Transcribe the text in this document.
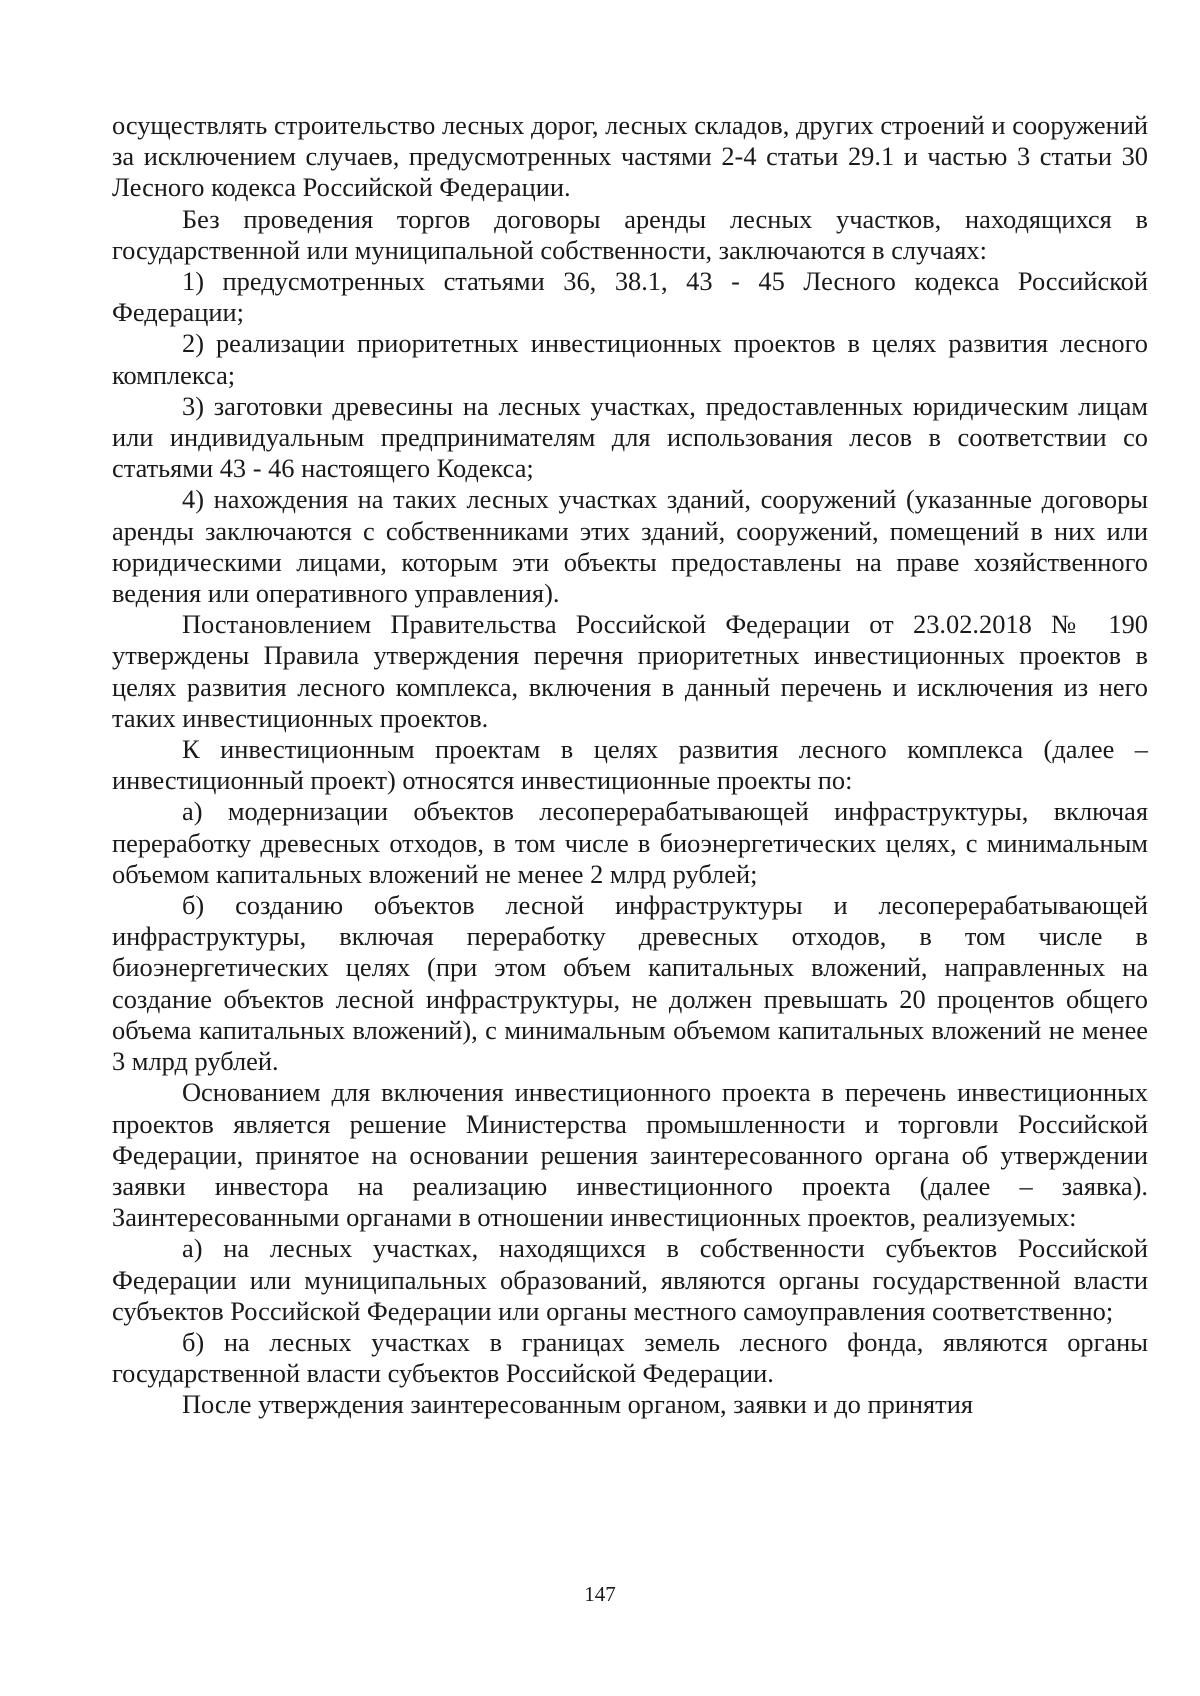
осуществлять строительство лесных дорог, лесных складов, других строений и сооружений за исключением случаев, предусмотренных частями 2-4 статьи 29.1 и частью 3 статьи 30 Лесного кодекса Российской Федерации.

Без проведения торгов договоры аренды лесных участков, находящихся в государственной или муниципальной собственности, заключаются в случаях:

1) предусмотренных статьями 36, 38.1, 43 - 45 Лесного кодекса Российской Федерации;

2) реализации приоритетных инвестиционных проектов в целях развития лесного комплекса;

3) заготовки древесины на лесных участках, предоставленных юридическим лицам или индивидуальным предпринимателям для использования лесов в соответствии со статьями 43 - 46 настоящего Кодекса;

4) нахождения на таких лесных участках зданий, сооружений (указанные договоры аренды заключаются с собственниками этих зданий, сооружений, помещений в них или юридическими лицами, которым эти объекты предоставлены на праве хозяйственного ведения или оперативного управления).

Постановлением Правительства Российской Федерации от 23.02.2018 № 190 утверждены Правила утверждения перечня приоритетных инвестиционных проектов в целях развития лесного комплекса, включения в данный перечень и исключения из него таких инвестиционных проектов.

К инвестиционным проектам в целях развития лесного комплекса (далее – инвестиционный проект) относятся инвестиционные проекты по:

а) модернизации объектов лесоперерабатывающей инфраструктуры, включая переработку древесных отходов, в том числе в биоэнергетических целях, с минимальным объемом капитальных вложений не менее 2 млрд рублей;

б) созданию объектов лесной инфраструктуры и лесоперерабатывающей инфраструктуры, включая переработку древесных отходов, в том числе в биоэнергетических целях (при этом объем капитальных вложений, направленных на создание объектов лесной инфраструктуры, не должен превышать 20 процентов общего объема капитальных вложений), с минимальным объемом капитальных вложений не менее 3 млрд рублей.

Основанием для включения инвестиционного проекта в перечень инвестиционных проектов является решение Министерства промышленности и торговли Российской Федерации, принятое на основании решения заинтересованного органа об утверждении заявки инвестора на реализацию инвестиционного проекта (далее – заявка). Заинтересованными органами в отношении инвестиционных проектов, реализуемых:

а) на лесных участках, находящихся в собственности субъектов Российской Федерации или муниципальных образований, являются органы государственной власти субъектов Российской Федерации или органы местного самоуправления соответственно;

б) на лесных участках в границах земель лесного фонда, являются органы государственной власти субъектов Российской Федерации.

После утверждения заинтересованным органом, заявки и до принятия

147
